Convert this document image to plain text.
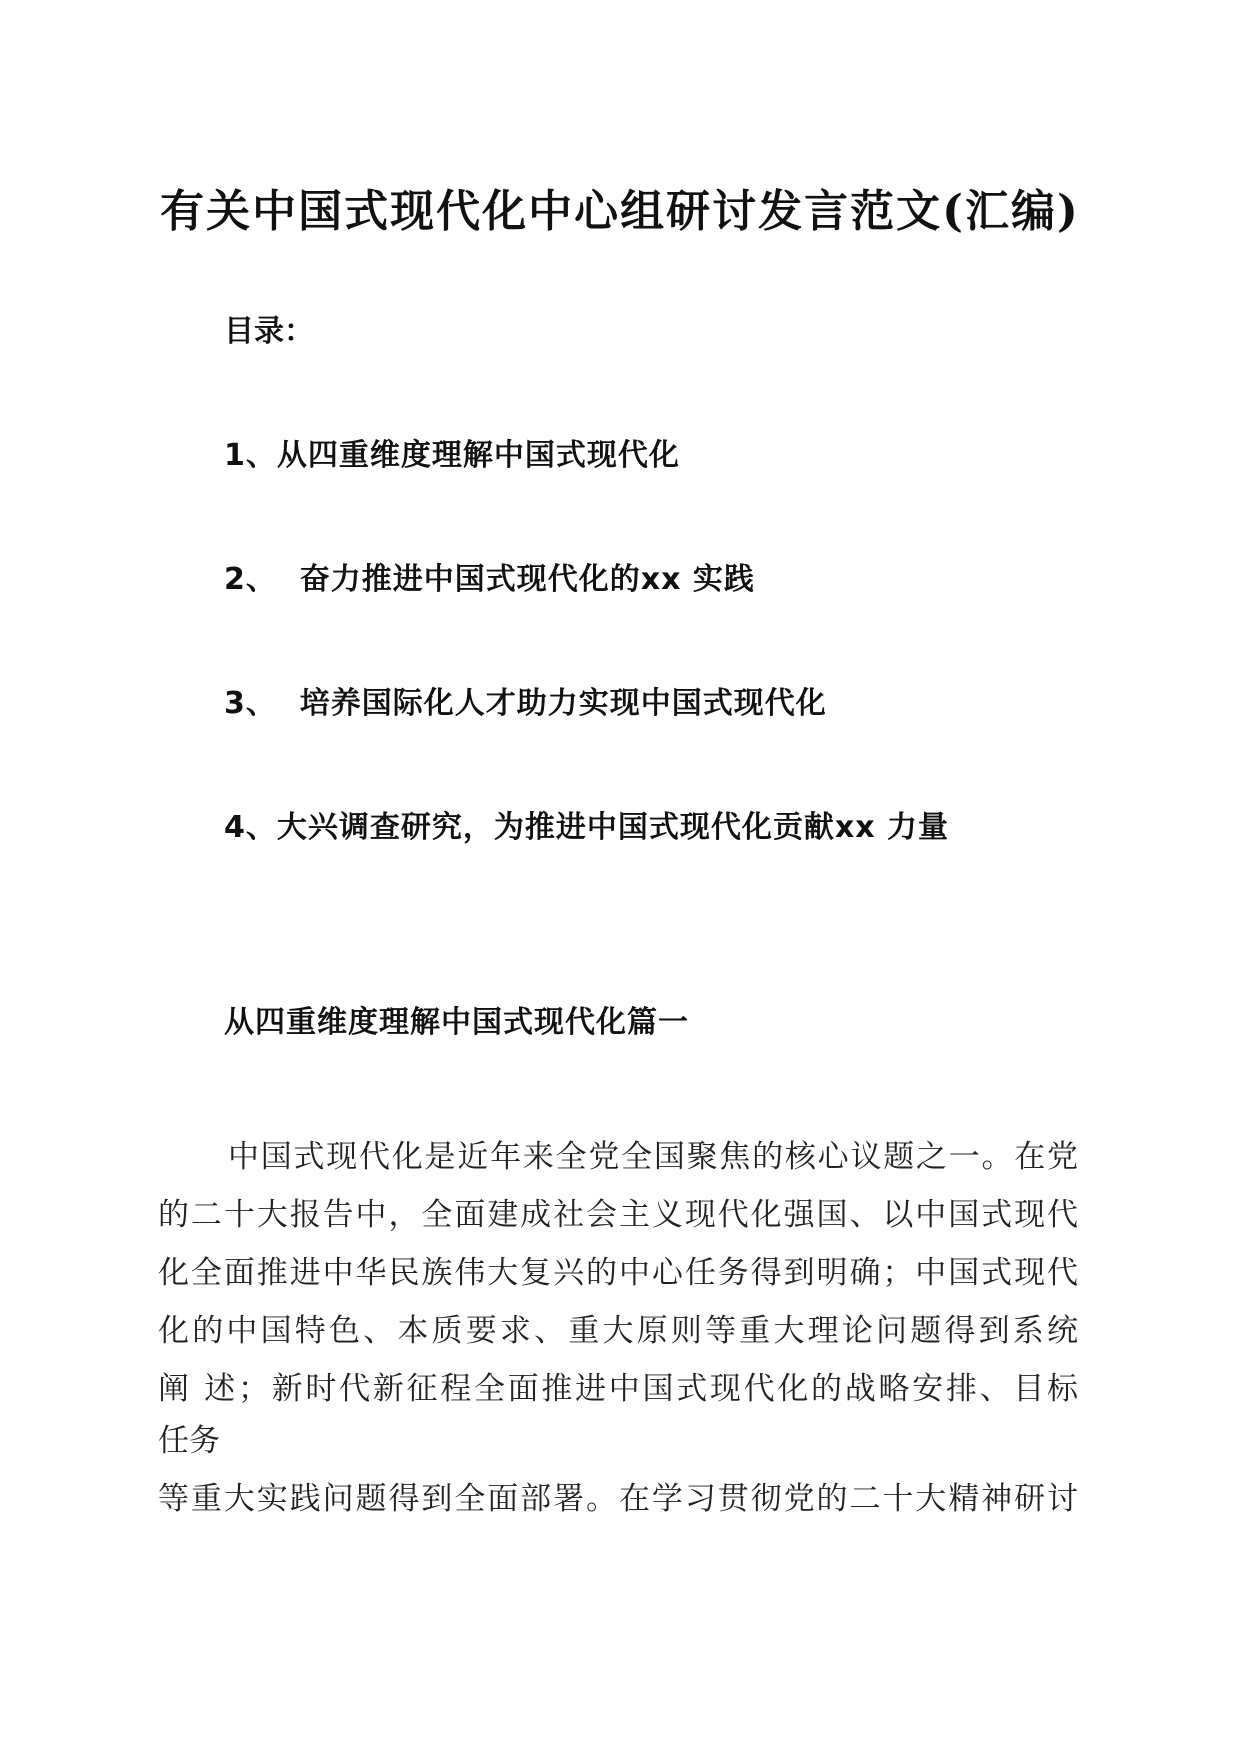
有关中国式现代化中心组研讨发言范文(汇编)
目录：
1、从四重维度理解中国式现代化
2、  奋力推进中国式现代化的xx 实践
3、  培养国际化人才助力实现中国式现代化
4、大兴调查研究，为推进中国式现代化贡献xx 力量
从四重维度理解中国式现代化篇一
中国式现代化是近年来全党全国聚焦的核心议题之一。在党
的二十大报告中，全面建成社会主义现代化强国、以中国式现代
化全面推进中华民族伟大复兴的中心任务得到明确；中国式现代
化的中国特色、本质要求、重大原则等重大理论问题得到系统
阐 述；新时代新征程全面推进中国式现代化的战略安排、目标
任务
等重大实践问题得到全面部署。在学习贯彻党的二十大精神研讨
